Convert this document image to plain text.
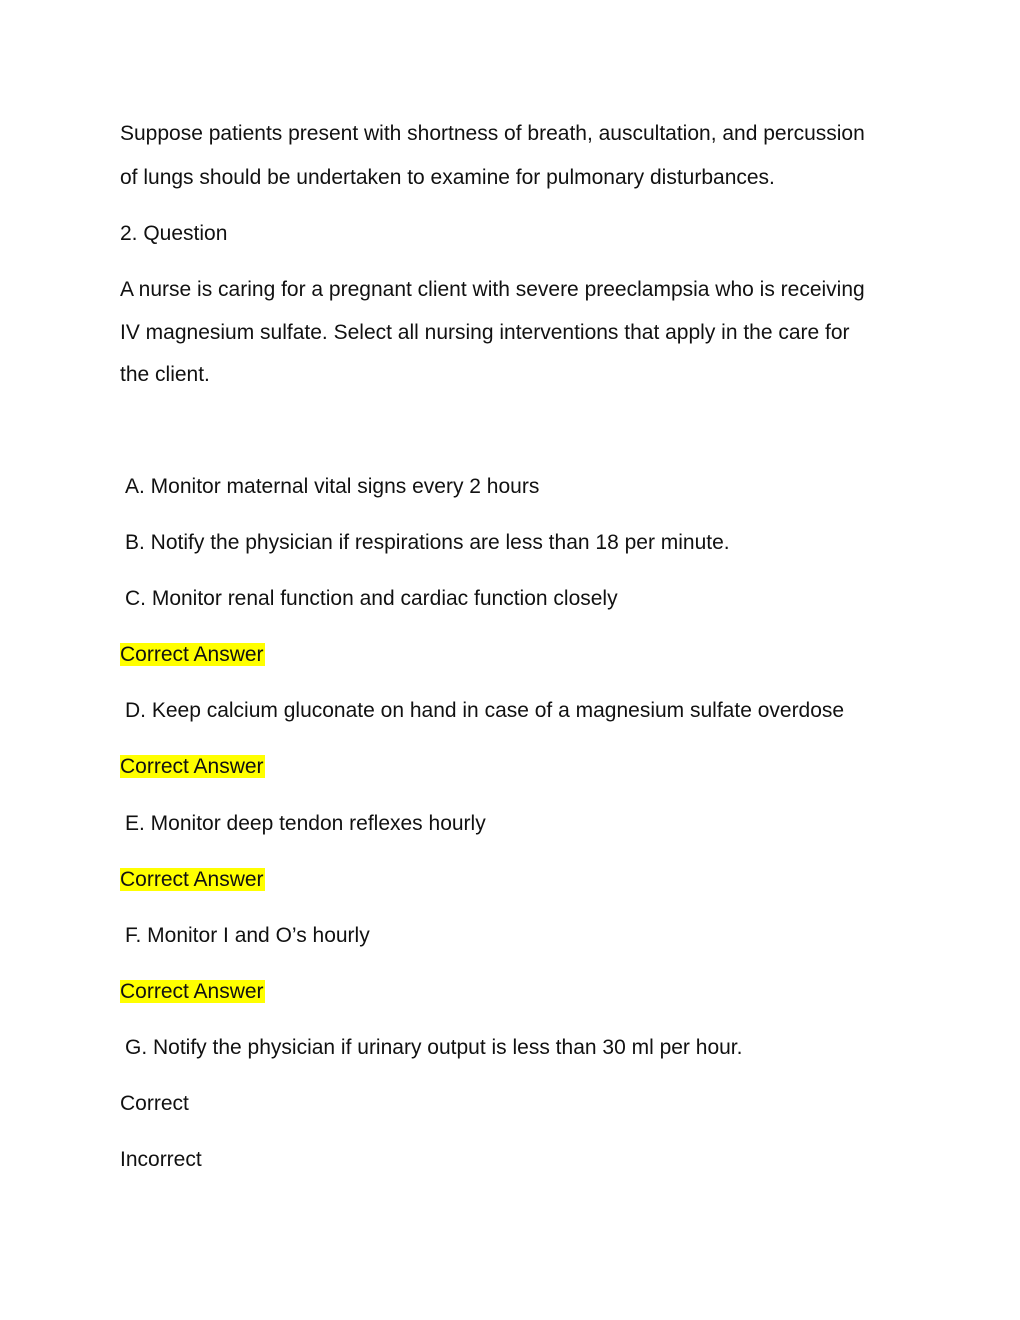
Suppose patients present with shortness of breath, auscultation, and percussion

of lungs should be undertaken to examine for pulmonary disturbances.

2. Question

A nurse is caring for a pregnant client with severe preeclampsia who is receiving

IV magnesium sulfate. Select all nursing interventions that apply in the care for

the client.

A. Monitor maternal vital signs every 2 hours

B. Notify the physician if respirations are less than 18 per minute.

C. Monitor renal function and cardiac function closely

Correct Answer

D. Keep calcium gluconate on hand in case of a magnesium sulfate overdose

Correct Answer

E. Monitor deep tendon reflexes hourly

Correct Answer

F. Monitor I and O’s hourly

Correct Answer

G. Notify the physician if urinary output is less than 30 ml per hour.

Correct

Incorrect
